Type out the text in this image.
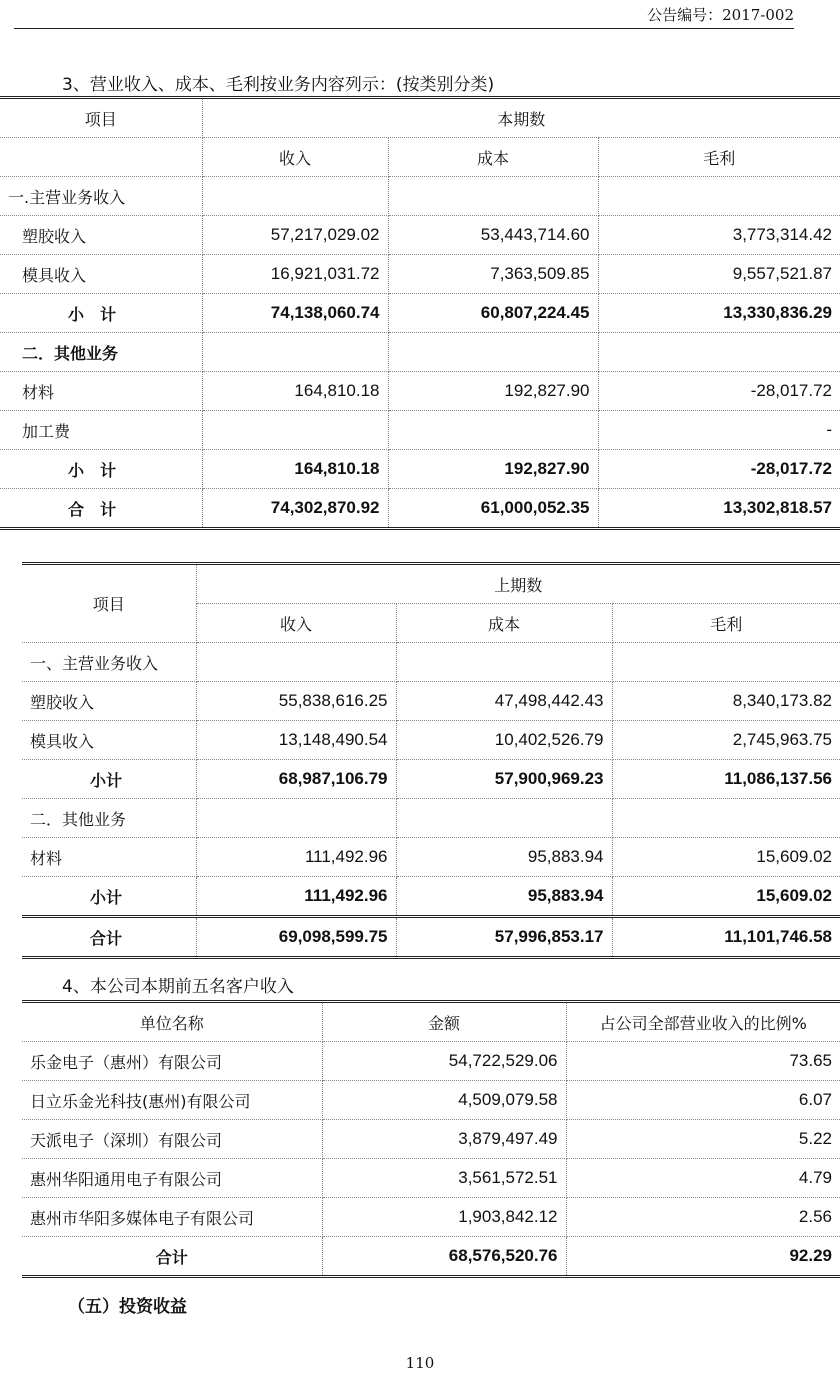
公告编号：2017-002
3、营业收入、成本、毛利按业务内容列示：(按类别分类)
项目	本期数		
	收入	成本	毛利
一.主营业务收入			
塑胶收入	57,217,029.02	53,443,714.60	3,773,314.42
模具收入	16,921,031.72	7,363,509.85	9,557,521.87
小　计	74,138,060.74	60,807,224.45	13,330,836.29
二．其他业务			
材料	164,810.18	192,827.90	-28,017.72
加工费			-
小　计	164,810.18	192,827.90	-28,017.72
合　计	74,302,870.92	61,000,052.35	13,302,818.57
项目	上期数		
	收入	成本	毛利
一、主营业务收入			
塑胶收入	55,838,616.25	47,498,442.43	8,340,173.82
模具收入	13,148,490.54	10,402,526.79	2,745,963.75
小计	68,987,106.79	57,900,969.23	11,086,137.56
二．其他业务			
材料	111,492.96	95,883.94	15,609.02
小计	111,492.96	95,883.94	15,609.02
合计	69,098,599.75	57,996,853.17	11,101,746.58
4、本公司本期前五名客户收入
单位名称	金额	占公司全部营业收入的比例%
乐金电子（惠州）有限公司	54,722,529.06	73.65
日立乐金光科技(惠州)有限公司	4,509,079.58	6.07
天派电子（深圳）有限公司	3,879,497.49	5.22
惠州华阳通用电子有限公司	3,561,572.51	4.79
惠州市华阳多媒体电子有限公司	1,903,842.12	2.56
合计	68,576,520.76	92.29
（五）投资收益
110
